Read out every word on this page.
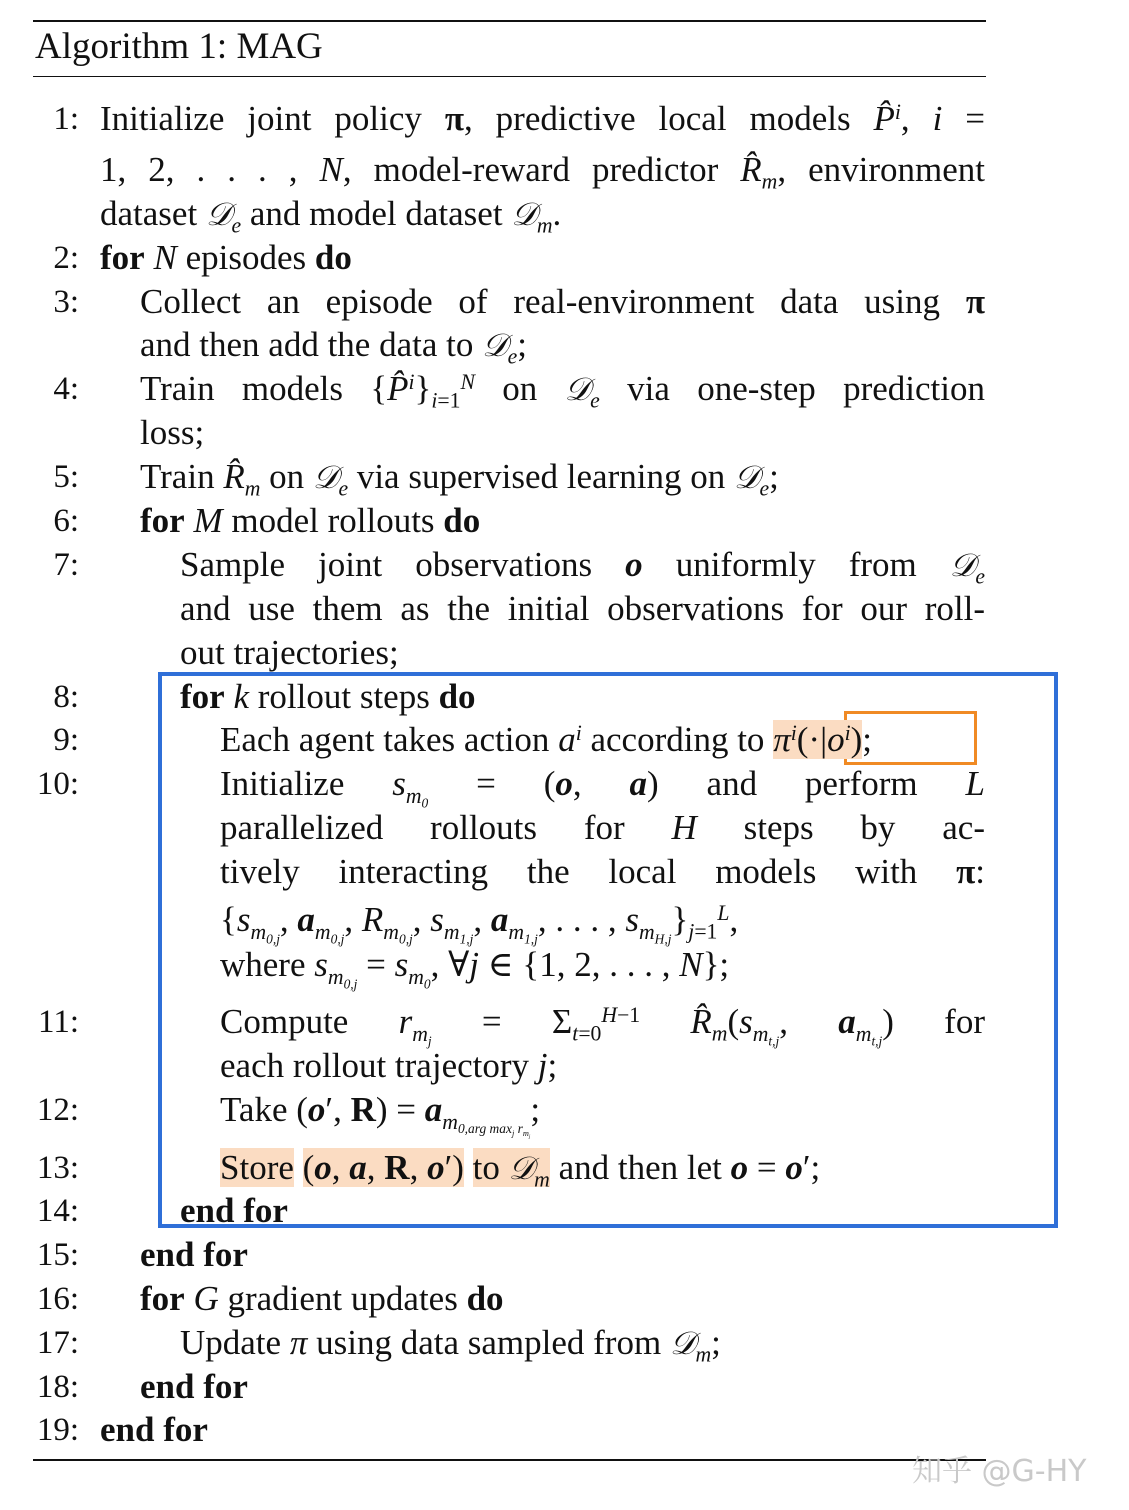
Algorithm 1: MAG
1: Initialize joint policy π, predictive local models P̂$^i$, i =
1, 2, . . . , N, model-reward predictor $R̂_m$, environment
dataset 𝒟$_e$ and model dataset 𝒟$_m$.
2: for N episodes do
3: Collect an episode of real-environment data using π
and then add the data to 𝒟$_e$;
4: Train models $\{P̂^i\}_{i=1}^N$ on 𝒟$_e$ via one-step prediction
loss;
5: Train $R̂_m$ on 𝒟$_e$ via supervised learning on 𝒟$_e$;
6: for M model rollouts do
7:	Sample joint observations o uniformly from 𝒟$_e$
and use them as the initial observations for our roll-
out trajectories;
8:	for k rollout steps do
9:	Each agent takes action $a^i$ according to $\pi^i(\cdot|o^i)$;
10:	Initialize $s_{m_0} = (o$, a) and perform L
parallelized rollouts for H steps by ac-
tively interacting the local models with π:
{$s_{m_{0,j}}$, $a_{m_{0,j}}$, $R_{m_{0,j}}$, $s_{m_{1,j}}$, $a_{m_{1,j}}$, . . . , $s_{m_{H,j}}\}_{j=1}^L$,
where $s_{m_{0,j}} = s_{m_0}$, ∀j ∈ {1, 2, . . . , N};
11:	Compute $r_{m_j} = \Sigma_{t=0}^{H-1}$ $R̂_m(s_{m_{t,j}}$, $a_{m_{t,j}}$) for
each rollout trajectory j;
12:	Take (o′, $R) = a_{m_{0,arg max_j r_{m_j}}}$;
13:	Store (o, a, R, o′) to 𝒟$_m$ and then let o = o′;
14:	end for
15: end for
16: for G gradient updates do
17:	Update π using data sampled from 𝒟$_m$;
18: end for
19: end for
知乎 @G-HY
